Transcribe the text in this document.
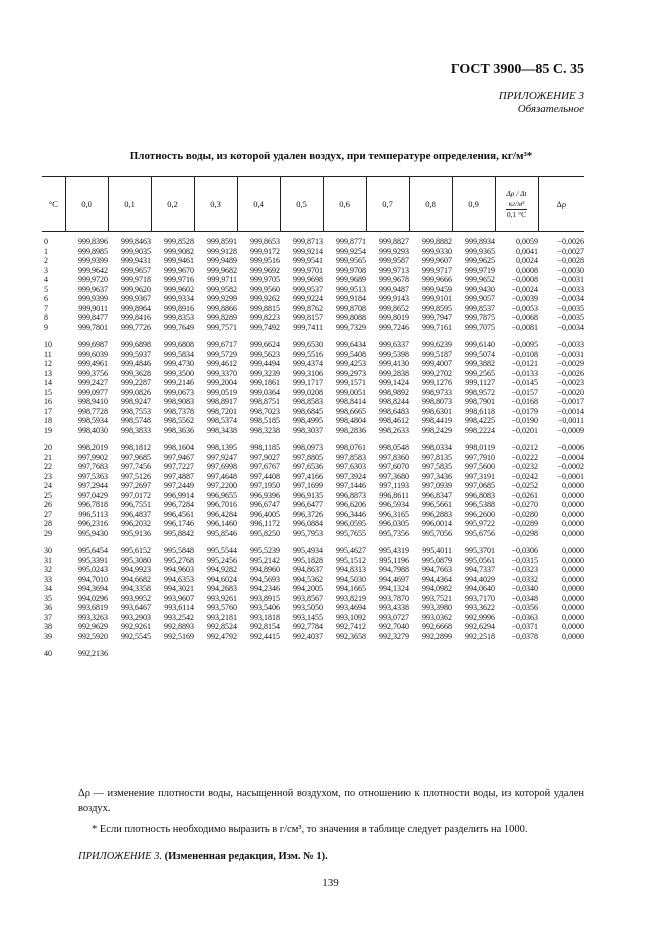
ГОСТ 3900—85 С. 35
ПРИЛОЖЕНИЕ 3
Обязательное
Плотность воды, из которой удален воздух, при температуре определения, кг/м³*
°C	0,0	0,1	0,2	0,3	0,4	0,5	0,6	0,7	0,8	0,9	Δρ / Δt
кг/м³
0,1 °C	Δρ
0	999,8396	999,8463	999,8528	999,8591	999,8653	999,8713	999,8771	999,8827	999,8882	999,8934	0,0059	−0,0026
1	999,8985	999,9035	999,9082	999,9128	999,9172	999,9214	999,9254	999,9293	999,9330	999,9365	0,0041	−0,0027
2	999,9399	999,9431	999,9461	999,9489	999,9516	999,9541	999,9565	999,9587	999,9607	999,9625	0,0024	−0,0028
3	999,9642	999,9657	999,9670	999,9682	999,9692	999,9701	999,9708	999,9713	999,9717	999,9719	0,0008	−0,0030
4	999,9720	999,9718	999,9716	999,9711	999,9705	999,9698	999,9689	999,9678	999,9666	999,9652	−0,0008	−0,0031
5	999,9637	999,9620	999,9602	999,9582	999,9560	999,9537	999,9513	999,9487	999,9459	999,9430	−0,0024	−0,0033
6	999,9399	999,9367	999,9334	999,9299	999,9262	999,9224	999,9184	999,9143	999,9101	999,9057	−0,0039	−0,0034
7	999,9011	999,8964	999,8916	999,8866	999,8815	999,8762	999,8708	999,8652	999,8595	999,8537	−0,0053	−0,0035
8	999,8477	999,8416	999,8353	999,8289	999,8223	999,8157	999,8088	999,8019	999,7947	999,7875	−0,0068	−0,0035
9	999,7801	999,7726	999,7649	999,7571	999,7492	999,7411	999,7329	999,7246	999,7161	999,7075	−0,0081	−0,0034

10	999,6987	999,6898	999,6808	999,6717	999,6624	999,6530	999,6434	999,6337	999,6239	999,6140	−0,0095	−0,0033
11	999,6039	999,5937	999,5834	999,5729	999,5623	999,5516	999,5408	999,5398	999,5187	999,5074	−0,0108	−0,0031
12	999,4961	999,4846	999,4730	999,4612	999,4494	999,4374	999,4253	999,4130	999,4007	999,3882	−0,0121	−0,0029
13	999,3756	999,3628	999,3500	999,3370	999,3239	999,3106	999,2973	999,2838	999,2702	999,2565	−0,0133	−0,0026
14	999,2427	999,2287	999,2146	999,2004	999,1861	999,1717	999,1571	999,1424	999,1276	999,1127	−0,0145	−0,0023
15	999,0977	999,0826	999,0673	999,0519	999,0364	999,0208	999,0051	998,9892	998,9733	998,9572	−0,0157	−0,0020
16	998,9410	998,9247	998,9083	998,8917	998,8751	998,8583	998,8414	998,8244	998,8073	998,7901	−0,0168	−0,0017
17	998,7728	998,7553	998,7378	998,7201	998,7023	998,6845	998,6665	998,6483	998,6301	998,6118	−0,0179	−0,0014
18	998,5934	998,5748	998,5562	998,5374	998,5185	998,4995	998,4804	998,4612	998,4419	998,4225	−0,0190	−0,0011
19	998,4030	998,3833	998,3636	998,3438	998,3238	998,3037	998,2836	998,2633	998,2429	998,2224	−0,0201	−0,0009

20	998,2019	998,1812	998,1604	998,1395	998,1185	998,0973	998,0761	998,0548	998,0334	998,0119	−0,0212	−0,0006
21	997,9902	997,9685	997,9467	997,9247	997,9027	997,8805	997,8583	997,8360	997,8135	997,7910	−0,0222	−0,0004
22	997,7683	997,7456	997,7227	997,6998	997,6767	997,6536	997,6303	997,6070	997,5835	997,5600	−0,0232	−0,0002
23	997,5363	997,5126	997,4887	997,4648	997,4408	997,4166	997,3924	997,3680	997,3436	997,3191	−0,0242	−0,0001
24	997,2944	997,2697	997,2449	997,2200	997,1950	997,1699	997,1446	997,1193	997,0939	997,0685	−0,0252	0,0000
25	997,0429	997,0172	996,9914	996,9655	996,9396	996,9135	996,8873	996,8611	996,8347	996,8083	−0,0261	0,0000
26	996,7818	996,7551	996,7284	996,7016	996,6747	996,6477	996,6206	996,5934	996,5661	996,5388	−0,0270	0,0000
27	996,5113	996,4837	996,4561	996,4284	996,4005	996,3726	996,3446	996,3165	996,2883	996,2600	−0,0280	0,0000
28	996,2316	996,2032	996,1746	996,1460	996,1172	996,0884	996,0595	996,0305	996,0014	995,9722	−0,0289	0,0000
29	995,9430	995,9136	995,8842	995,8546	995,8250	995,7953	995,7655	995,7356	995,7056	995,6756	−0,0298	0,0000

30	995,6454	995,6152	995,5848	995,5544	995,5239	995,4934	995,4627	995,4319	995,4011	995,3701	−0,0306	0,0000
31	995,3391	995,3080	995,2768	995,2456	995,2142	995,1828	995,1512	995,1196	995,0879	995,0561	−0,0315	0,0000
32	995,0243	994,9923	994,9603	994,9282	994,8960	994,8637	994,8313	994,7988	994,7663	994,7337	−0,0323	0,0000
33	994,7010	994,6682	994,6353	994,6024	994,5693	994,5362	994,5030	994,4697	994,4364	994,4029	−0,0332	0,0000
34	994,3694	994,3358	994,3021	994,2683	994,2346	994,2005	994,1665	994,1324	994,0982	994,0640	−0,0340	0,0000
35	994,0296	993,9952	993,9607	993,9261	993,8915	993,8567	993,8219	993,7870	993,7521	993,7170	−0,0348	0,0000
36	993,6819	993,6467	993,6114	993,5760	993,5406	993,5050	993,4694	993,4338	993,3980	993,3622	−0,0356	0,0000
37	993,3263	993,2903	993,2542	993,2181	993,1818	993,1455	993,1092	993,0727	993,0362	992,9996	−0,0363	0,0000
38	992,9629	992,9261	992,8893	992,8524	992,8154	992,7784	992,7412	992,7040	992,6668	992,6294	−0,0371	0,0000
39	992,5920	992,5545	992,5169	992,4792	992,4415	992,4037	992,3658	992,3279	992,2899	992,2518	−0,0378	0,0000

40	992,2136											
Δρ — изменение плотности воды, насыщенной воздухом, по отношению к плотности воды, из которой удален воздух.
* Если плотность необходимо выразить в г/см³, то значения в таблице следует разделить на 1000.
ПРИЛОЖЕНИЕ 3. (Измененная редакция, Изм. № 1).
139
